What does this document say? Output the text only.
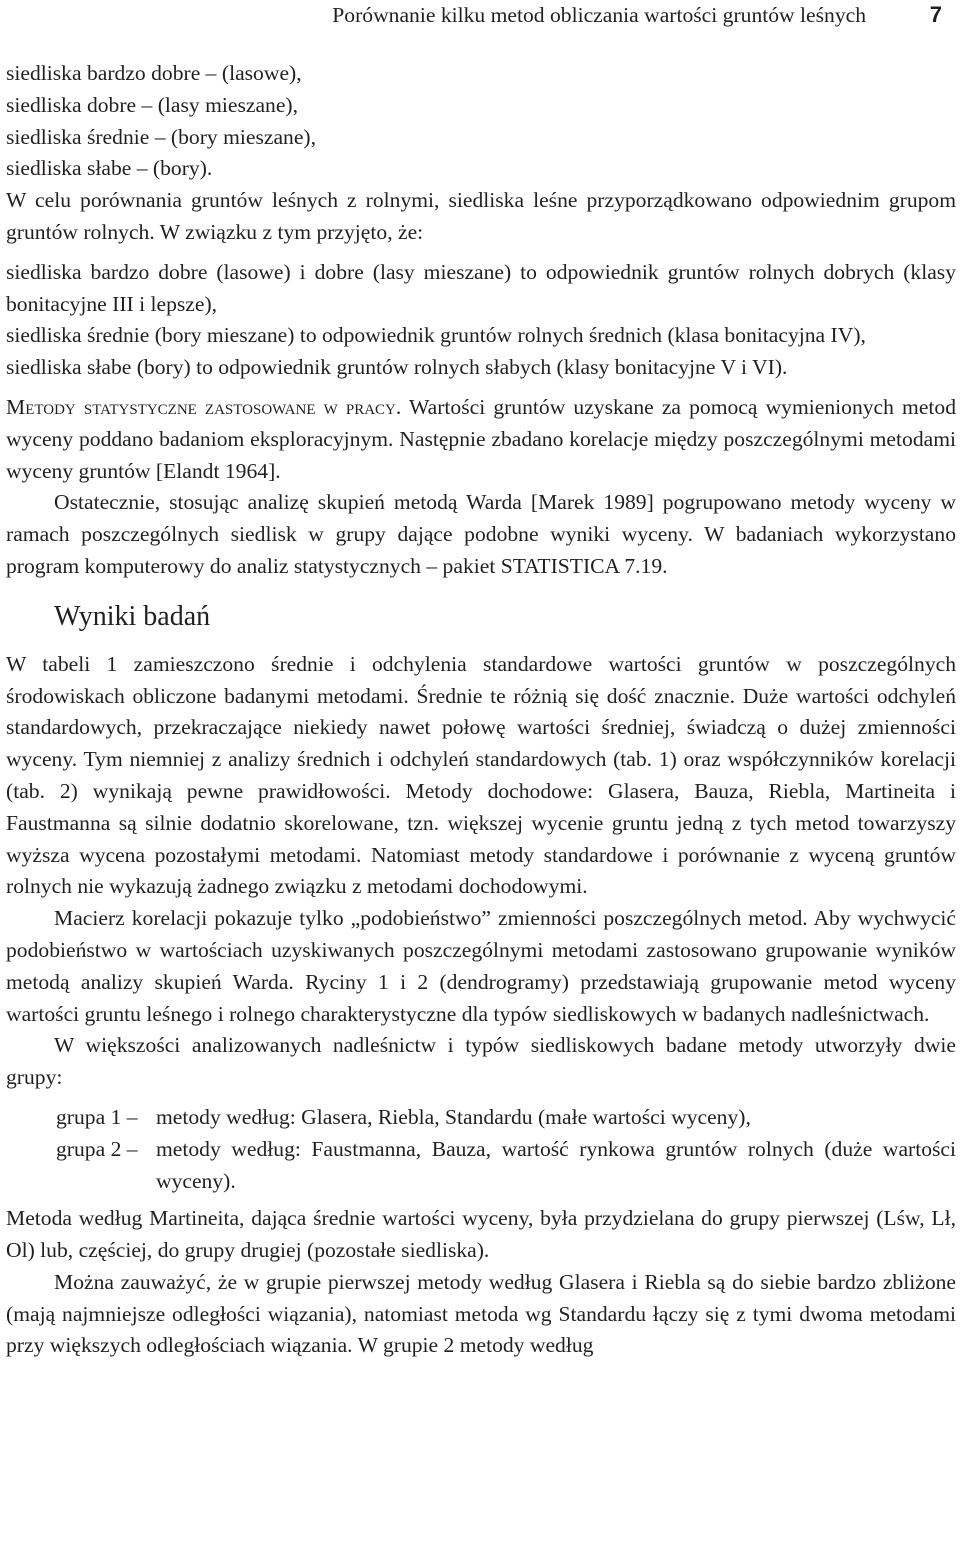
Porównanie kilku metod obliczania wartości gruntów leśnych	7
siedliska bardzo dobre – (lasowe),
siedliska dobre – (lasy mieszane),
siedliska średnie – (bory mieszane),
siedliska słabe – (bory).

W celu porównania gruntów leśnych z rolnymi, siedliska leśne przyporządkowano odpowiednim grupom gruntów rolnych. W związku z tym przyjęto, że:

siedliska bardzo dobre (lasowe) i dobre (lasy mieszane) to odpowiednik gruntów rolnych dobrych (klasy bonitacyjne III i lepsze),
siedliska średnie (bory mieszane) to odpowiednik gruntów rolnych średnich (klasa bonitacyjna IV),
siedliska słabe (bory) to odpowiednik gruntów rolnych słabych (klasy bonitacyjne V i VI).

Metody statystyczne zastosowane w pracy. Wartości gruntów uzyskane za pomocą wymienionych metod wyceny poddano badaniom eksploracyjnym. Następnie zbadano korelacje między poszczególnymi metodami wyceny gruntów [Elandt 1964].

Ostatecznie, stosując analizę skupień metodą Warda [Marek 1989] pogrupowano metody wyceny w ramach poszczególnych siedlisk w grupy dające podobne wyniki wyceny. W badaniach wykorzystano program komputerowy do analiz statystycznych – pakiet STATISTICA 7.19.

Wyniki badań

W tabeli 1 zamieszczono średnie i odchylenia standardowe wartości gruntów w poszczególnych środowiskach obliczone badanymi metodami. Średnie te różnią się dość znacznie. Duże wartości odchyleń standardowych, przekraczające niekiedy nawet połowę wartości średniej, świadczą o dużej zmienności wyceny. Tym niemniej z analizy średnich i odchyleń standardowych (tab. 1) oraz współczynników korelacji (tab. 2) wynikają pewne prawidłowości. Metody dochodowe: Glasera, Bauza, Riebla, Martineita i Faustmanna są silnie dodatnio skorelowane, tzn. większej wycenie gruntu jedną z tych metod towarzyszy wyższa wycena pozostałymi metodami. Natomiast metody standardowe i porównanie z wyceną gruntów rolnych nie wykazują żadnego związku z metodami dochodowymi.

Macierz korelacji pokazuje tylko „podobieństwo” zmienności poszczególnych metod. Aby wychwycić podobieństwo w wartościach uzyskiwanych poszczególnymi metodami zastosowano grupowanie wyników metodą analizy skupień Warda. Ryciny 1 i 2 (dendrogramy) przedstawiają grupowanie metod wyceny wartości gruntu leśnego i rolnego charakterystyczne dla typów siedliskowych w badanych nadleśnictwach.

W większości analizowanych nadleśnictw i typów siedliskowych badane metody utworzyły dwie grupy:

grupa 1 – metody według: Glasera, Riebla, Standardu (małe wartości wyceny),
grupa 2 – metody według: Faustmanna, Bauza, wartość rynkowa gruntów rolnych (duże wartości wyceny).

Metoda według Martineita, dająca średnie wartości wyceny, była przydzielana do grupy pierwszej (Lśw, Lł, Ol) lub, częściej, do grupy drugiej (pozostałe siedliska).

Można zauważyć, że w grupie pierwszej metody według Glasera i Riebla są do siebie bardzo zbliżone (mają najmniejsze odległości wiązania), natomiast metoda wg Standardu łączy się z tymi dwoma metodami przy większych odległościach wiązania. W grupie 2 metody według
